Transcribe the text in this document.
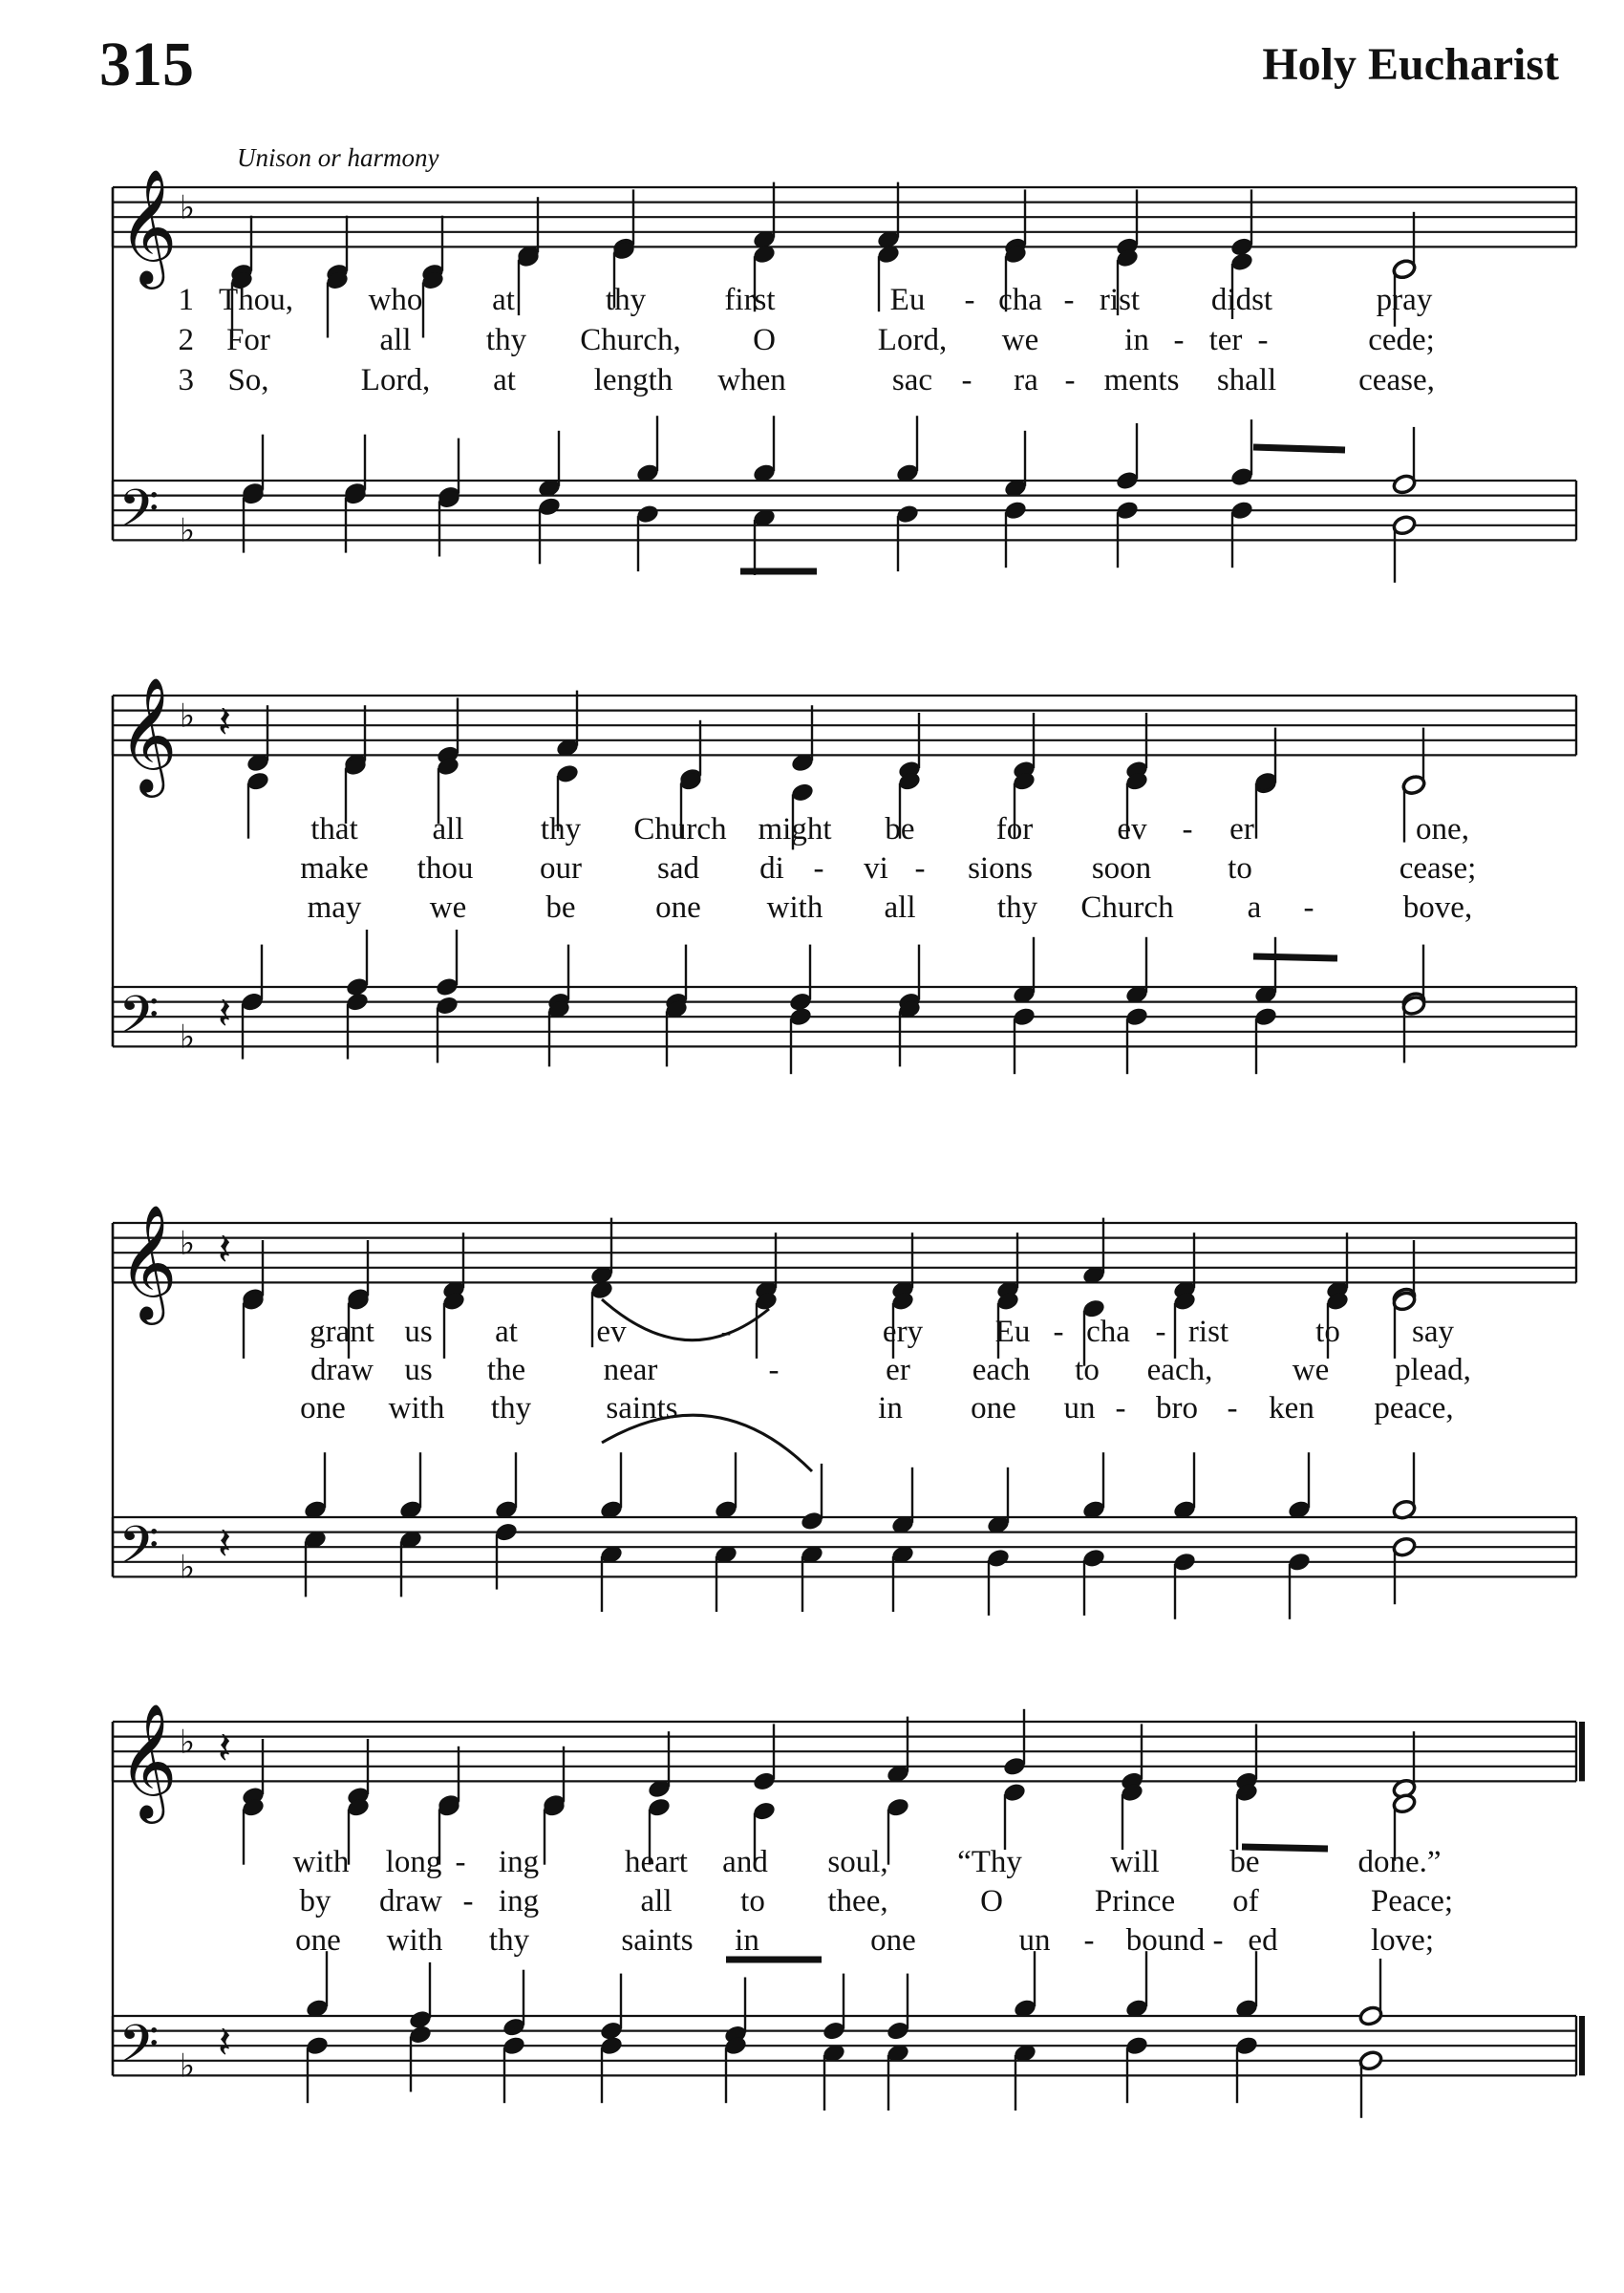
315	Holy Eucharist
Unison or harmony
𝄞 ♭
𝄢 ♭
𝄞 ♭
𝄢 ♭
𝄽
𝄽
𝄞 ♭
𝄢 ♭
𝄽
𝄽
𝄞 ♭
𝄢 ♭
𝄽
𝄽
1 Thou, who at	thy first	Eu - cha - rist didst	pray
2 For	all thy Church, O	Lord, we	in - ter -	cede;
3 So,	Lord, at length when	sac - ra - ments shall	cease,
that all thy Church might be	for	ev - er	one,
make thou our sad di - vi - sions soon to	cease;
may we	be	one with all	thy Church a -	bove,
grant us at	ev	-	ery Eu - cha - rist	to say
draw us the near	-	er each to each,	we plead,
one with thy saints	in one un - bro - ken peace,
with long - ing	heart and soul, “Thy	will be	done.”
by draw - ing	all to thee,	O	Prince of	Peace;
one with thy	saints in	one	un - bound - ed	love;
